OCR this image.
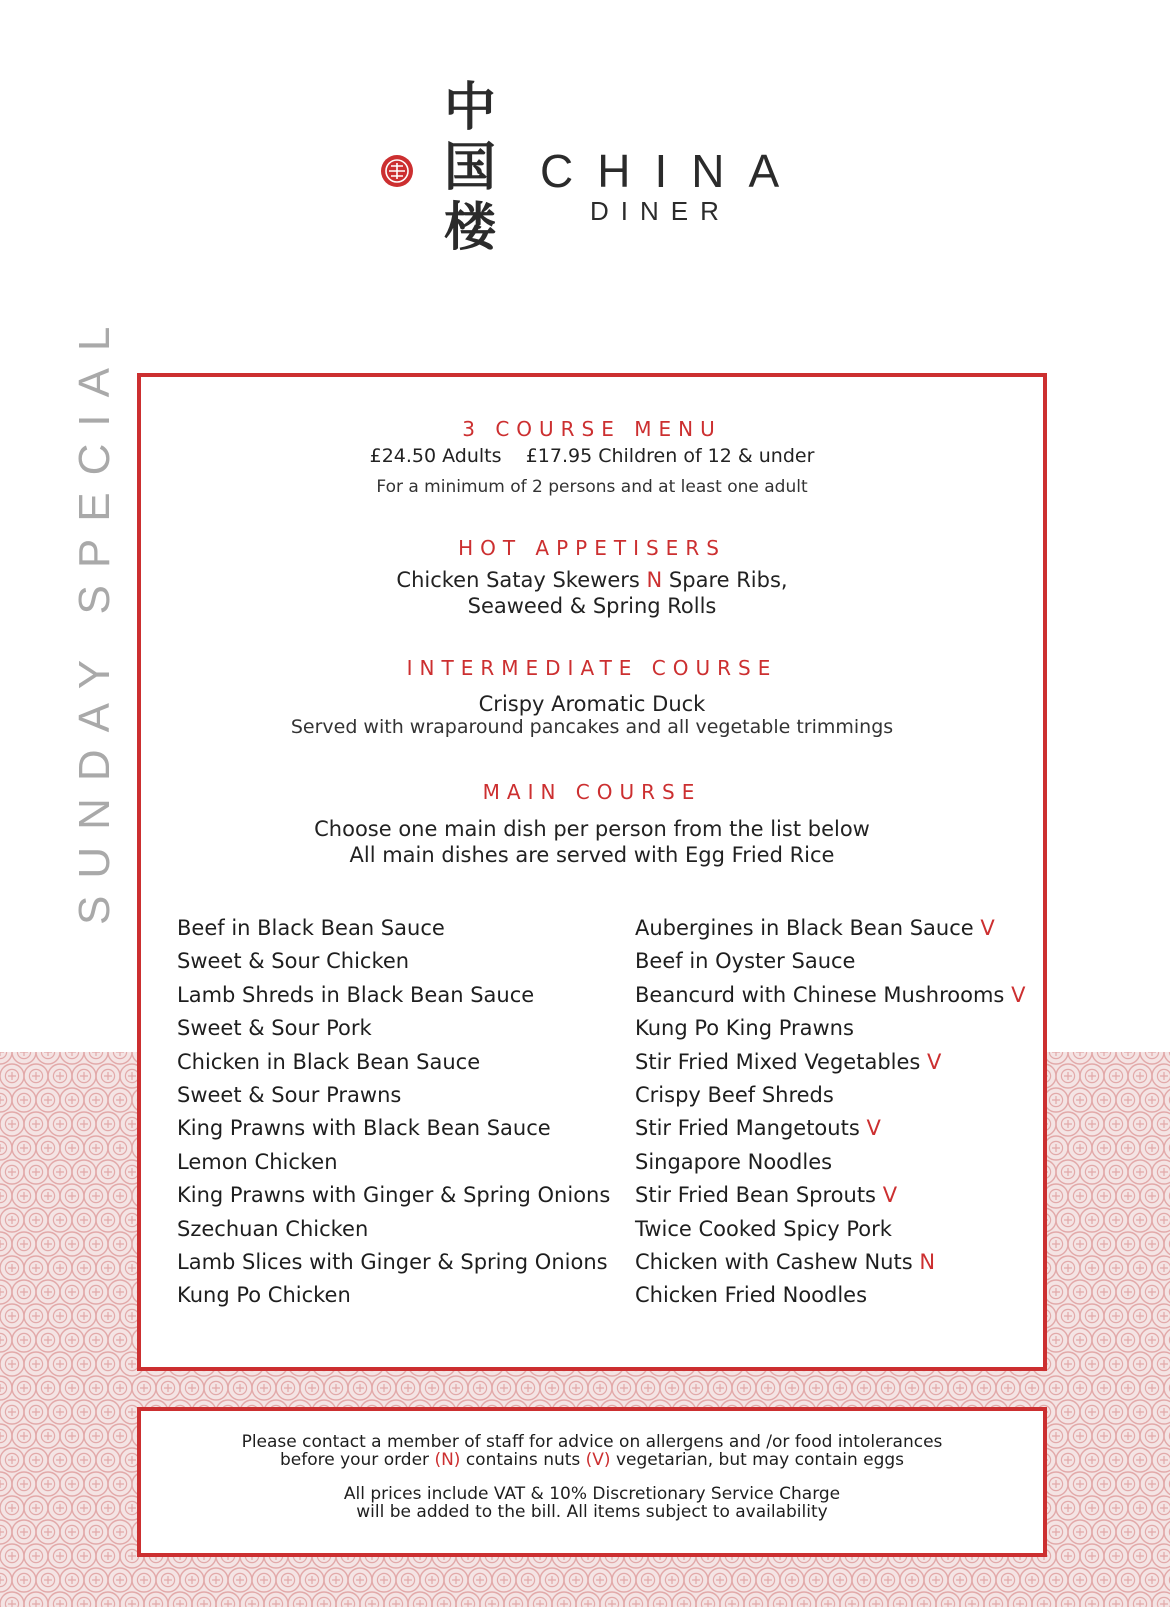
中
国
楼
CHINA
DINER
SUNDAY SPECIAL	3 COURSE MENU
£24.50 Adults £17.95 Children of 12 & under
For a minimum of 2 persons and at least one adult
HOT APPETISERS
Chicken Satay Skewers N Spare Ribs,
Seaweed & Spring Rolls
INTERMEDIATE COURSE
Crispy Aromatic Duck
Served with wraparound pancakes and all vegetable trimmings
MAIN COURSE
Choose one main dish per person from the list below
All main dishes are served with Egg Fried Rice
Beef in Black Bean Sauce
Sweet & Sour Chicken
Lamb Shreds in Black Bean Sauce
Sweet & Sour Pork
Chicken in Black Bean Sauce
Sweet & Sour Prawns
King Prawns with Black Bean Sauce
Lemon Chicken
King Prawns with Ginger & Spring Onions
Szechuan Chicken
Lamb Slices with Ginger & Spring Onions
Kung Po Chicken
Aubergines in Black Bean Sauce V
Beef in Oyster Sauce
Beancurd with Chinese Mushrooms V
Kung Po King Prawns
Stir Fried Mixed Vegetables V
Crispy Beef Shreds
Stir Fried Mangetouts V
Singapore Noodles
Stir Fried Bean Sprouts V
Twice Cooked Spicy Pork
Chicken with Cashew Nuts N
Chicken Fried Noodles

Please contact a member of staff for advice on allergens and /or food intolerances

before your order (N) contains nuts (V) vegetarian, but may contain eggs

All prices include VAT & 10% Discretionary Service Charge

will be added to the bill. All items subject to availability
